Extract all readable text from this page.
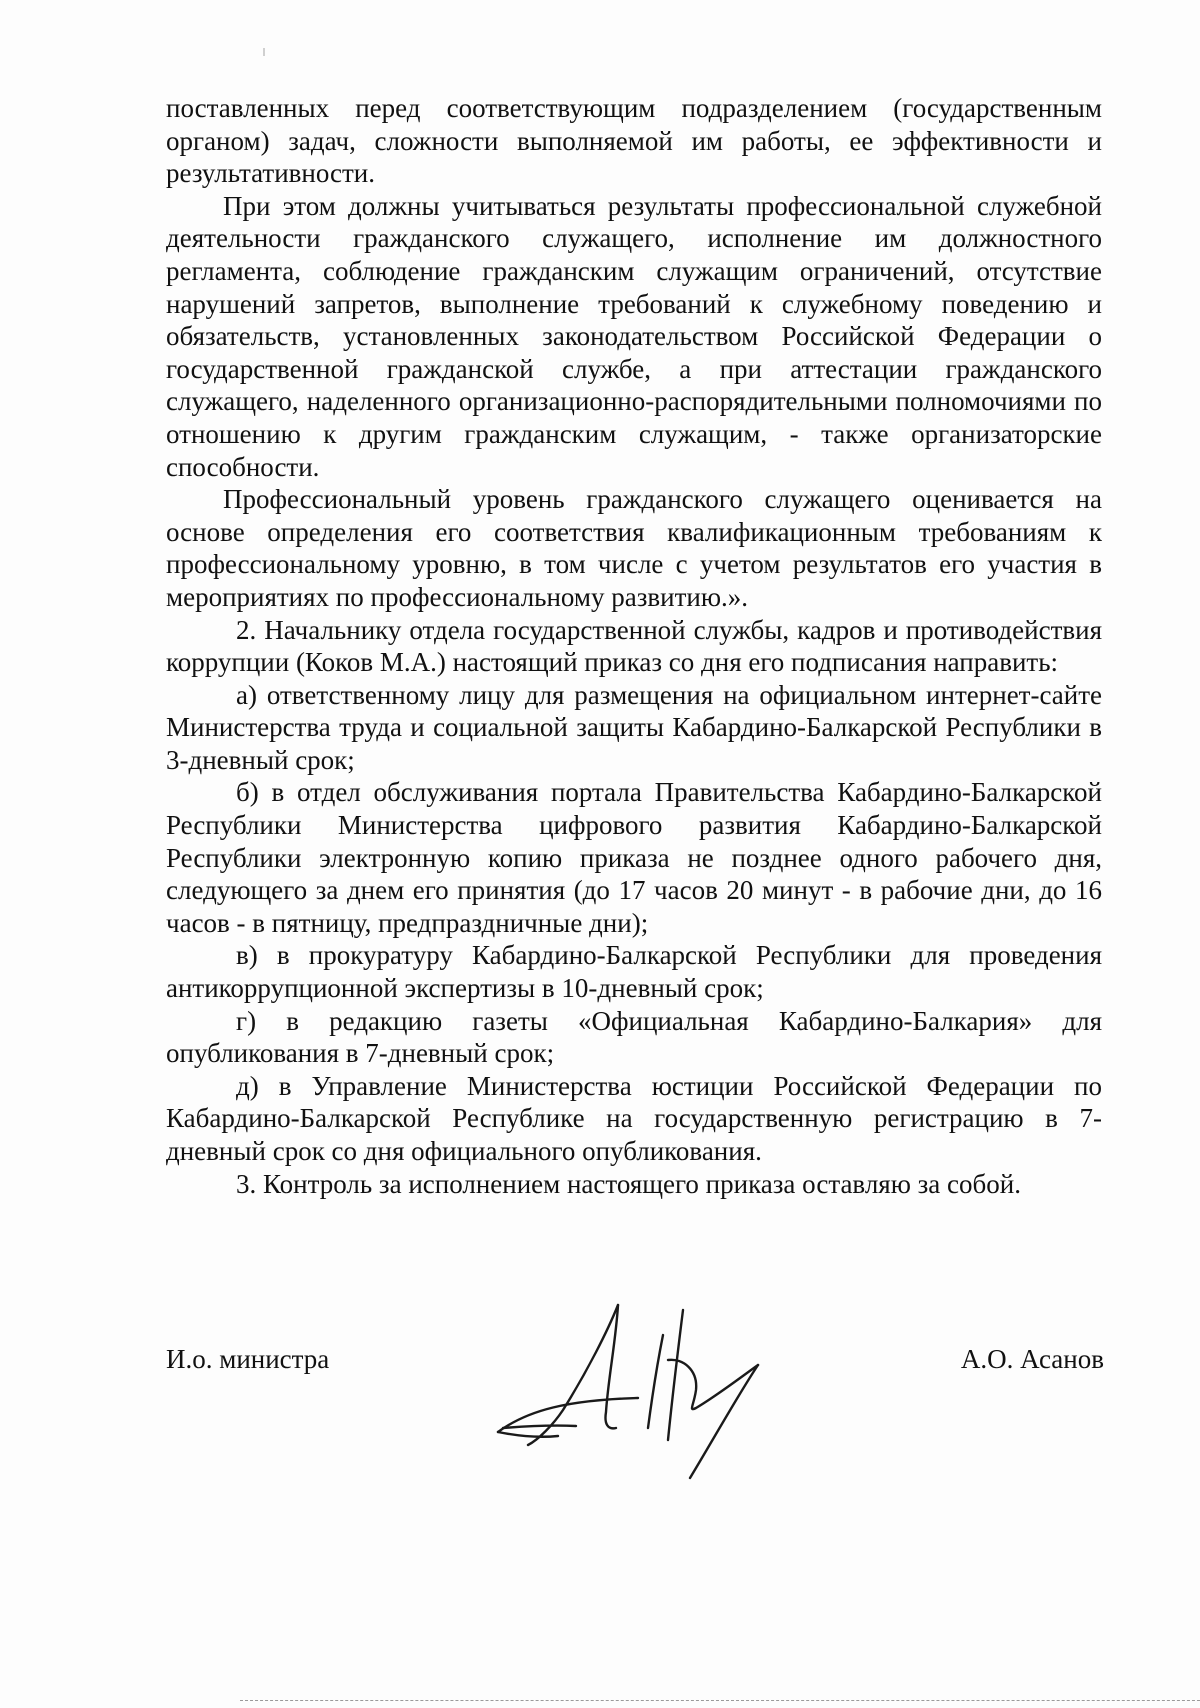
поставленных перед соответствующим подразделением (государственным органом) задач, сложности выполняемой им работы, ее эффективности и результативности.

При этом должны учитываться результаты профессиональной служебной деятельности гражданского служащего, исполнение им должностного регламента, соблюдение гражданским служащим ограничений, отсутствие нарушений запретов, выполнение требований к служебному поведению и обязательств, установленных законодательством Российской Федерации о государственной гражданской службе, а при аттестации гражданского служащего, наделенного организационно-распорядительными полномочиями по отношению к другим гражданским служащим, - также организаторские способности.

Профессиональный уровень гражданского служащего оценивается на основе определения его соответствия квалификационным требованиям к профессиональному уровню, в том числе с учетом результатов его участия в мероприятиях по профессиональному развитию.».

2. Начальнику отдела государственной службы, кадров и противодействия коррупции (Коков М.А.) настоящий приказ со дня его подписания направить:

а) ответственному лицу для размещения на официальном интернет-сайте Министерства труда и социальной защиты Кабардино-Балкарской Республики в 3-дневный срок;

б) в отдел обслуживания портала Правительства Кабардино-Балкарской Республики Министерства цифрового развития Кабардино-Балкарской Республики электронную копию приказа не позднее одного рабочего дня, следующего за днем его принятия (до 17 часов 20 минут - в рабочие дни, до 16 часов - в пятницу, предпраздничные дни);

в) в прокуратуру Кабардино-Балкарской Республики для проведения антикоррупционной экспертизы в 10-дневный срок;

г) в редакцию газеты «Официальная Кабардино-Балкария» для опубликования в 7-дневный срок;

д) в Управление Министерства юстиции Российской Федерации по Кабардино-Балкарской Республике на государственную регистрацию в 7-дневный срок со дня официального опубликования.

3. Контроль за исполнением настоящего приказа оставляю за собой.

И.о. министра	А.О. Асанов
